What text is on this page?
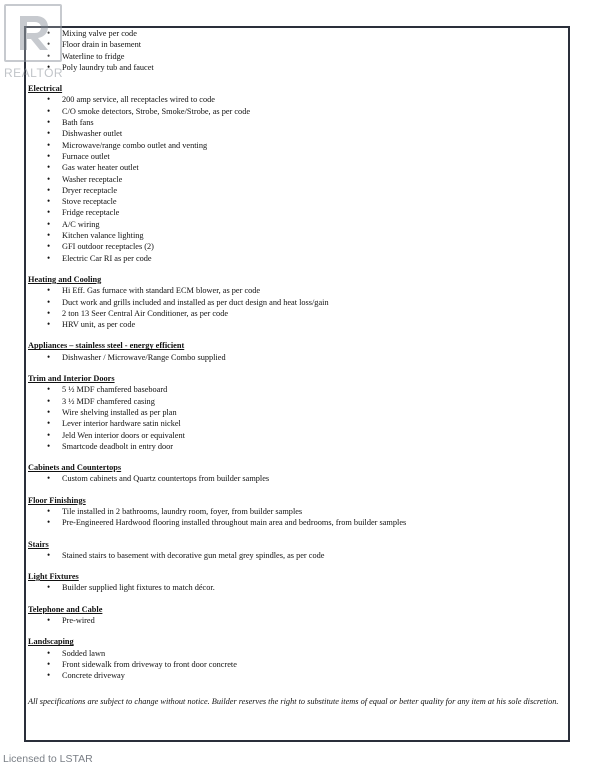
• Mixing valve per code
• Floor drain in basement
• Waterline to fridge
• Poly laundry tub and faucet
Electrical
• 200 amp service, all receptacles wired to code
• C/O smoke detectors, Strobe, Smoke/Strobe, as per code
• Bath fans
• Dishwasher outlet
• Microwave/range combo outlet and venting
• Furnace outlet
• Gas water heater outlet
• Washer receptacle
• Dryer receptacle
• Stove receptacle
• Fridge receptacle
• A/C wiring
• Kitchen valance lighting
• GFI outdoor receptacles (2)
• Electric Car RI as per code
Heating and Cooling
• Hi Eff. Gas furnace with standard ECM blower, as per code
• Duct work and grills included and installed as per duct design and heat loss/gain
• 2 ton 13 Seer Central Air Conditioner, as per code
• HRV unit, as per code
Appliances – stainless steel - energy efficient
• Dishwasher / Microwave/Range Combo supplied
Trim and Interior Doors
• 5 ½ MDF chamfered baseboard
• 3 ½ MDF chamfered casing
• Wire shelving installed as per plan
• Lever interior hardware satin nickel
• Jeld Wen interior doors or equivalent
• Smartcode deadbolt in entry door
Cabinets and Countertops
• Custom cabinets and Quartz countertops from builder samples
Floor Finishings
• Tile installed in 2 bathrooms, laundry room, foyer, from builder samples
• Pre-Engineered Hardwood flooring installed throughout main area and bedrooms, from builder samples
Stairs
• Stained stairs to basement with decorative gun metal grey spindles, as per code
Light Fixtures
• Builder supplied light fixtures to match décor.
Telephone and Cable
• Pre-wired
Landscaping
• Sodded lawn
• Front sidewalk from driveway to front door concrete
• Concrete driveway
All specifications are subject to change without notice. Builder reserves the right to substitute items of equal or better quality for any item at his sole discretion.
REALTOR
Licensed to LSTAR
